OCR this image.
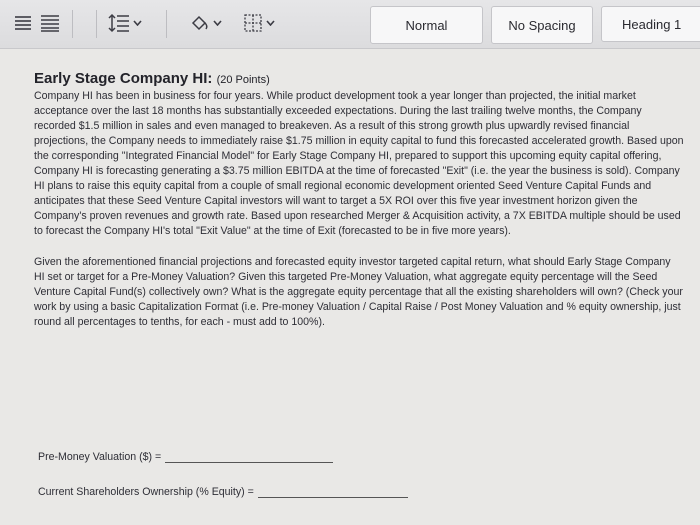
Normal	No Spacing	Heading 1
Early Stage Company HI: (20 Points)

Company HI has been in business for four years. While product development took a year longer than projected, the initial market acceptance over the last 18 months has substantially exceeded expectations. During the last trailing twelve months, the Company recorded $1.5 million in sales and even managed to breakeven. As a result of this strong growth plus upwardly revised financial projections, the Company needs to immediately raise $1.75 million in equity capital to fund this forecasted accelerated growth. Based upon the corresponding "Integrated Financial Model" for Early Stage Company HI, prepared to support this upcoming equity capital offering, Company HI is forecasting generating a $3.75 million EBITDA at the time of forecasted "Exit" (i.e. the year the business is sold). Company HI plans to raise this equity capital from a couple of small regional economic development oriented Seed Venture Capital Funds and anticipates that these Seed Venture Capital investors will want to target a 5X ROI over this five year investment horizon given the Company's proven revenues and growth rate. Based upon researched Merger & Acquisition activity, a 7X EBITDA multiple should be used to forecast the Company HI's total "Exit Value" at the time of Exit (forecasted to be in five more years).

Given the aforementioned financial projections and forecasted equity investor targeted capital return, what should Early Stage Company HI set or target for a Pre-Money Valuation? Given this targeted Pre-Money Valuation, what aggregate equity percentage will the Seed Venture Capital Fund(s) collectively own? What is the aggregate equity percentage that all the existing shareholders will own? (Check your work by using a basic Capitalization Format (i.e. Pre-money Valuation / Capital Raise / Post Money Valuation and % equity ownership, just round all percentages to tenths, for each - must add to 100%).

Pre-Money Valuation ($) =
Current Shareholders Ownership (% Equity) =
